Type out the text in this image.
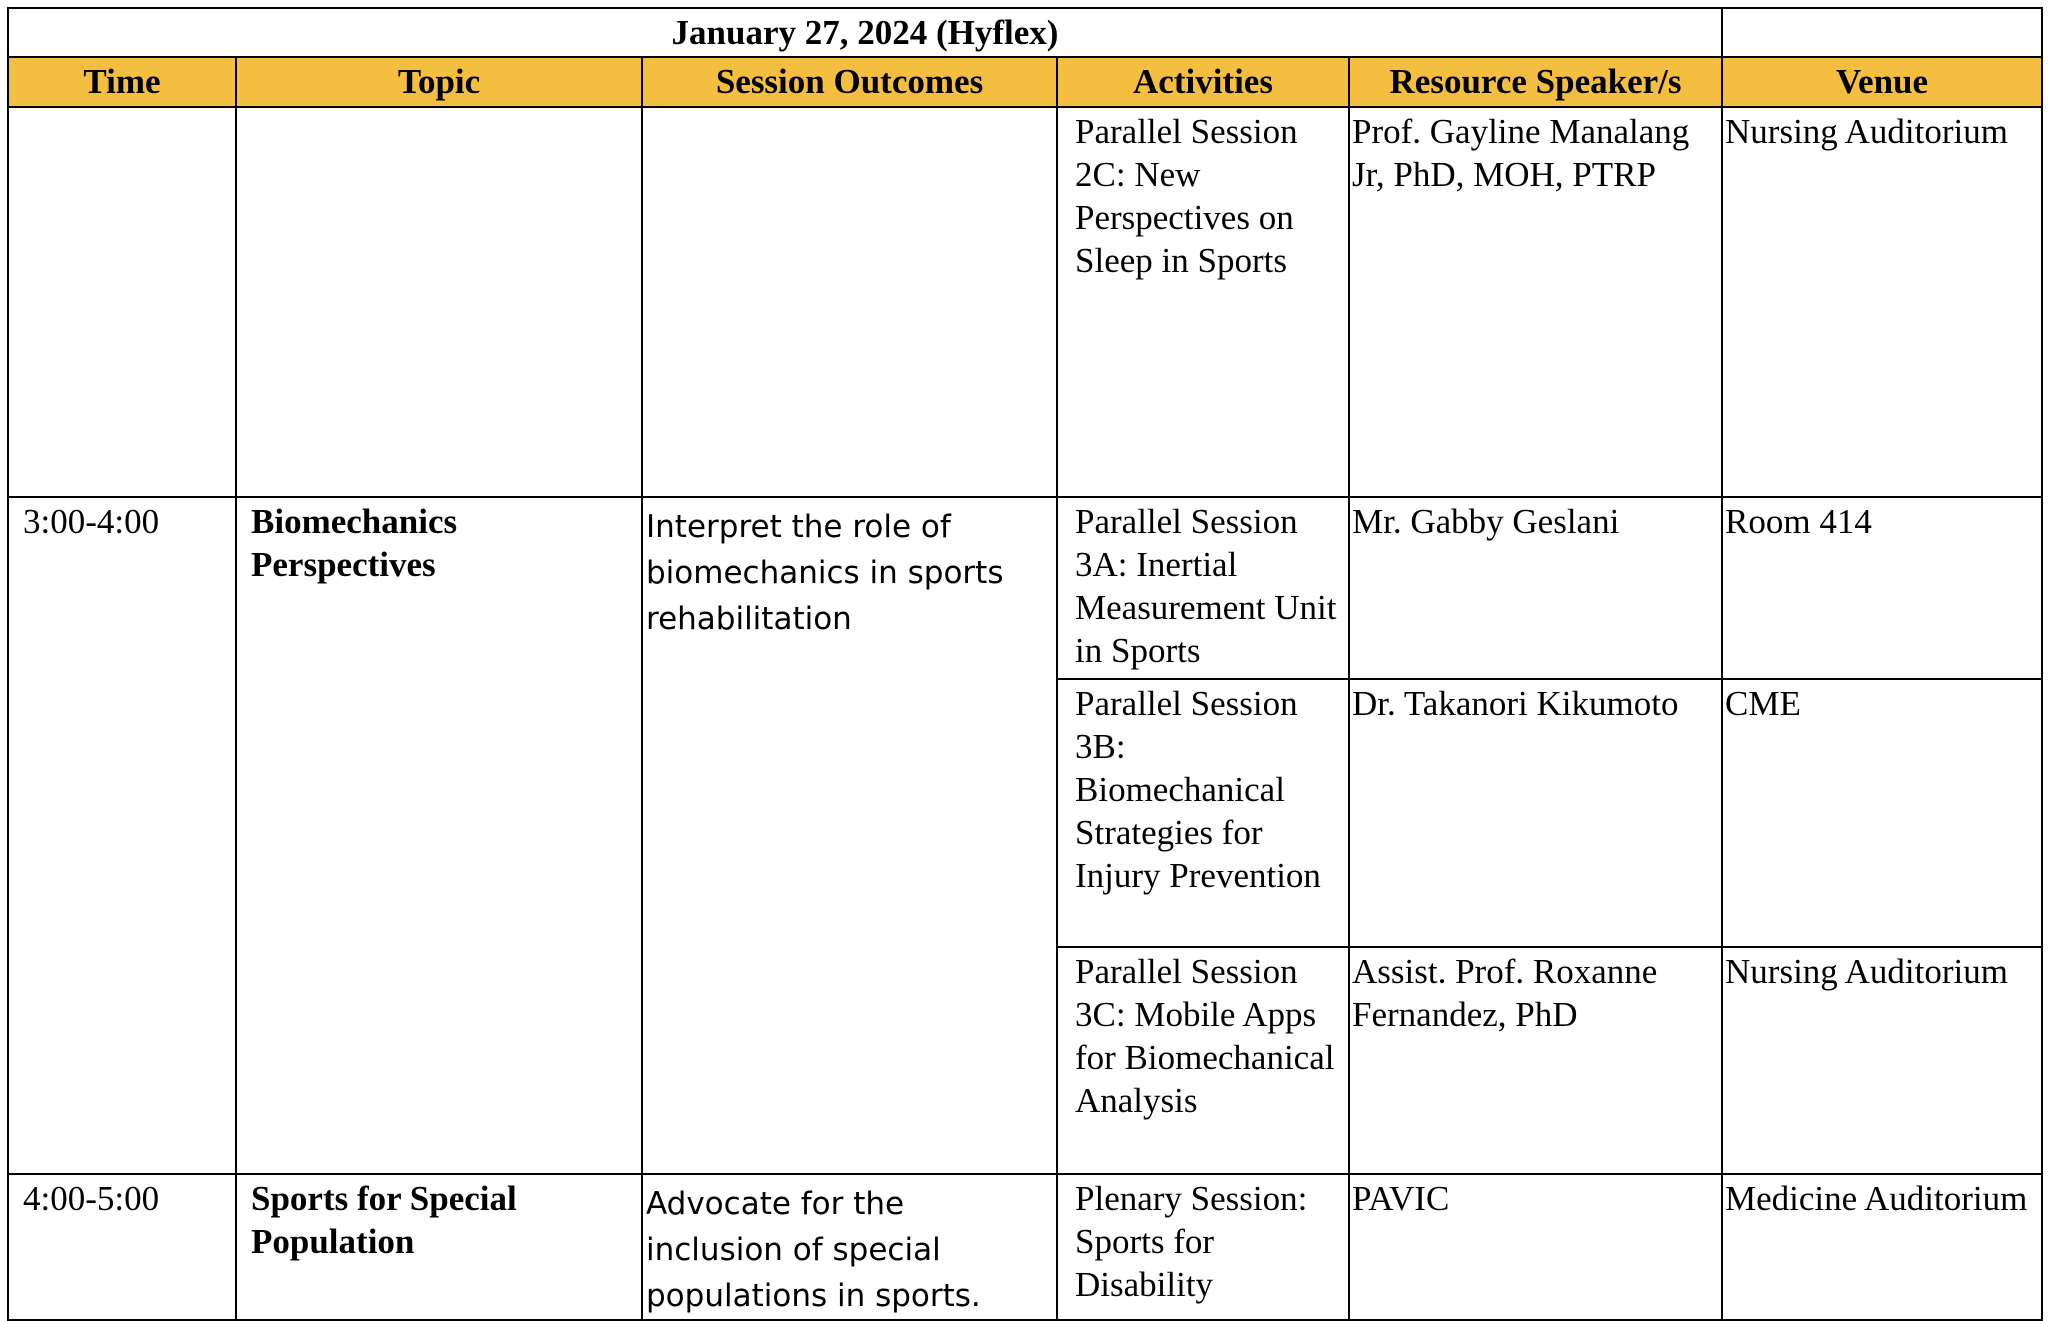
January 27, 2024 (Hyflex)					
Time	Topic	Session Outcomes	Activities	Resource Speaker/s	Venue
			Parallel Session 2C: New Perspectives on Sleep in Sports	Prof. Gayline Manalang Jr, PhD, MOH, PTRP	Nursing Auditorium
3:00-4:00	Biomechanics Perspectives	Interpret the role of biomechanics in sports rehabilitation	Parallel Session 3A: Inertial Measurement Unit in Sports	Mr. Gabby Geslani	Room 414
			Parallel Session 3B: Biomechanical Strategies for Injury Prevention	Dr. Takanori Kikumoto	CME
			Parallel Session 3C: Mobile Apps for Biomechanical Analysis	Assist. Prof. Roxanne Fernandez, PhD	Nursing Auditorium
4:00-5:00	Sports for Special Population	Advocate for the inclusion of special populations in sports.	Plenary Session: Sports for Disability	PAVIC	Medicine Auditorium
